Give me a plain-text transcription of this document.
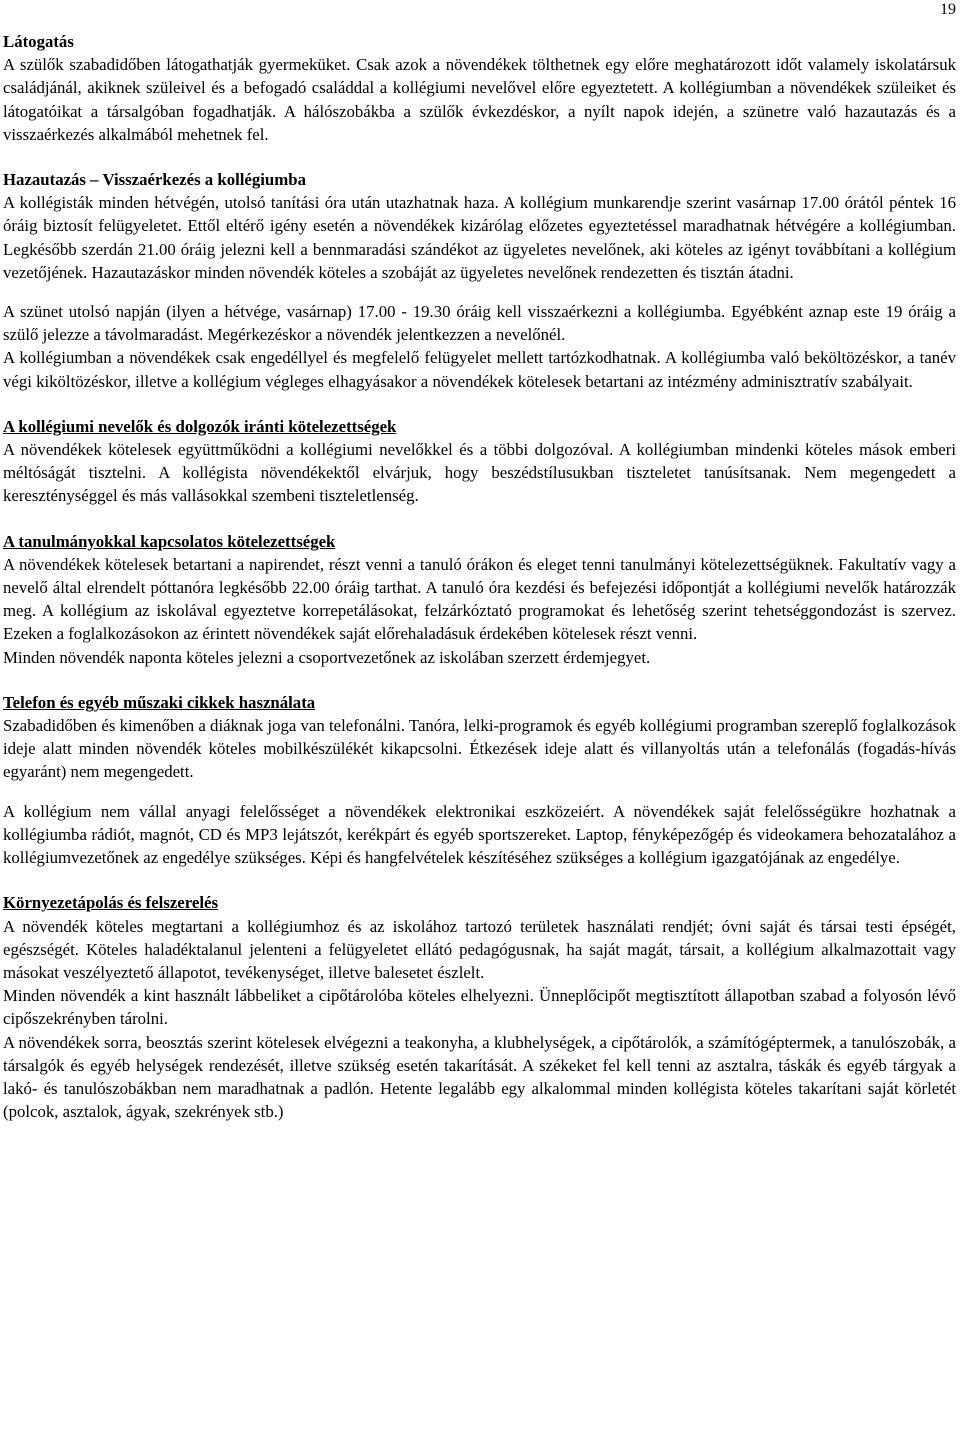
19

Látogatás

A szülők szabadidőben látogathatják gyermeküket. Csak azok a növendékek tölthetnek egy előre meghatározott időt valamely iskolatársuk családjánál, akiknek szüleivel és a befogadó családdal a kollégiumi nevelővel előre egyeztetett. A kollégiumban a növendékek szüleiket és látogatóikat a társalgóban fogadhatják. A hálószobákba a szülők évkezdéskor, a nyílt napok idején, a szünetre való hazautazás és a visszaérkezés alkalmából mehetnek fel.

Hazautazás – Visszaérkezés a kollégiumba

A kollégisták minden hétvégén, utolsó tanítási óra után utazhatnak haza. A kollégium munkarendje szerint vasárnap 17.00 órától péntek 16 óráig biztosít felügyeletet. Ettől eltérő igény esetén a növendékek kizárólag előzetes egyeztetéssel maradhatnak hétvégére a kollégiumban. Legkésőbb szerdán 21.00 óráig jelezni kell a bennmaradási szándékot az ügyeletes nevelőnek, aki köteles az igényt továbbítani a kollégium vezetőjének. Hazautazáskor minden növendék köteles a szobáját az ügyeletes nevelőnek rendezetten és tisztán átadni.

A szünet utolsó napján (ilyen a hétvége, vasárnap) 17.00 - 19.30 óráig kell visszaérkezni a kollégiumba. Egyébként aznap este 19 óráig a szülő jelezze a távolmaradást. Megérkezéskor a növendék jelentkezzen a nevelőnél.

A kollégiumban a növendékek csak engedéllyel és megfelelő felügyelet mellett tartózkodhatnak. A kollégiumba való beköltözéskor, a tanév végi kiköltözéskor, illetve a kollégium végleges elhagyásakor a növendékek kötelesek betartani az intézmény adminisztratív szabályait.

A kollégiumi nevelők és dolgozók iránti kötelezettségek

A növendékek kötelesek együttműködni a kollégiumi nevelőkkel és a többi dolgozóval. A kollégiumban mindenki köteles mások emberi méltóságát tisztelni. A kollégista növendékektől elvárjuk, hogy beszédstílusukban tiszteletet tanúsítsanak. Nem megengedett a kereszténységgel és más vallásokkal szembeni tiszteletlenség.

A tanulmányokkal kapcsolatos kötelezettségek

A növendékek kötelesek betartani a napirendet, részt venni a tanuló órákon és eleget tenni tanulmányi kötelezettségüknek. Fakultatív vagy a nevelő által elrendelt póttanóra legkésőbb 22.00 óráig tarthat. A tanuló óra kezdési és befejezési időpontját a kollégiumi nevelők határozzák meg. A kollégium az iskolával egyeztetve korrepetálásokat, felzárkóztató programokat és lehetőség szerint tehetséggondozást is szervez. Ezeken a foglalkozásokon az érintett növendékek saját előrehaladásuk érdekében kötelesek részt venni.

Minden növendék naponta köteles jelezni a csoportvezetőnek az iskolában szerzett érdemjegyet.

Telefon és egyéb műszaki cikkek használata

Szabadidőben és kimenőben a diáknak joga van telefonálni. Tanóra, lelki-programok és egyéb kollégiumi programban szereplő foglalkozások ideje alatt minden növendék köteles mobilkészülékét kikapcsolni. Étkezések ideje alatt és villanyoltás után a telefonálás (fogadás-hívás egyaránt) nem megengedett.

A kollégium nem vállal anyagi felelősséget a növendékek elektronikai eszközeiért. A növendékek saját felelősségükre hozhatnak a kollégiumba rádiót, magnót, CD és MP3 lejátszót, kerékpárt és egyéb sportszereket. Laptop, fényképezőgép és videokamera behozatalához a kollégiumvezetőnek az engedélye szükséges. Képi és hangfelvételek készítéséhez szükséges a kollégium igazgatójának az engedélye.

Környezetápolás és felszerelés

A növendék köteles megtartani a kollégiumhoz és az iskolához tartozó területek használati rendjét; óvni saját és társai testi épségét, egészségét. Köteles haladéktalanul jelenteni a felügyeletet ellátó pedagógusnak, ha saját magát, társait, a kollégium alkalmazottait vagy másokat veszélyeztető állapotot, tevékenységet, illetve balesetet észlelt.

Minden növendék a kint használt lábbeliket a cipőtárolóba köteles elhelyezni. Ünneplőcipőt megtisztított állapotban szabad a folyosón lévő cipőszekrényben tárolni.

A növendékek sorra, beosztás szerint kötelesek elvégezni a teakonyha, a klubhelységek, a cipőtárolók, a számítógéptermek, a tanulószobák, a társalgók és egyéb helységek rendezését, illetve szükség esetén takarítását. A székeket fel kell tenni az asztalra, táskák és egyéb tárgyak a lakó- és tanulószobákban nem maradhatnak a padlón. Hetente legalább egy alkalommal minden kollégista köteles takarítani saját körletét (polcok, asztalok, ágyak, szekrények stb.)
